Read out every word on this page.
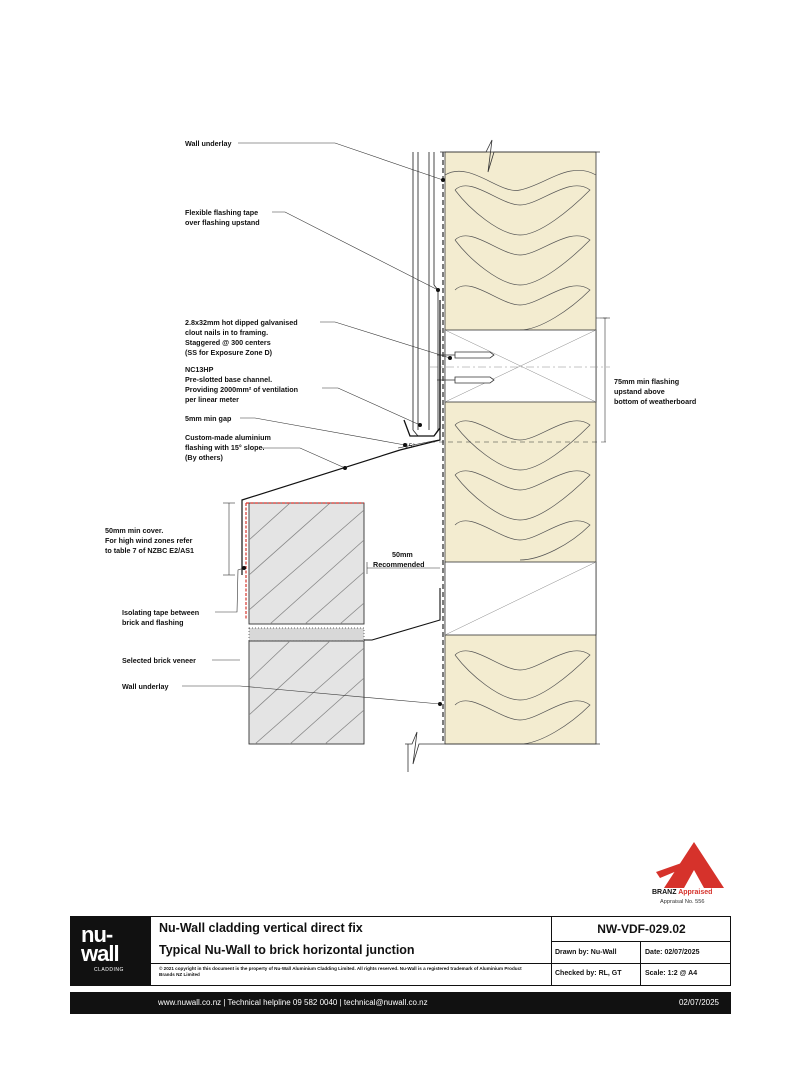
Wall underlay
Flexible flashing tape
over flashing upstand
2.8x32mm hot dipped galvanised
clout nails in to framing.
Staggered @ 300 centers
(SS for Exposure Zone D)
NC13HP
Pre-slotted base channel.
Providing 2000mm² of ventilation
per linear meter
5mm min gap
Custom-made aluminium
flashing with 15° slope.
(By others)
15°
50mm min cover.
For high wind zones refer
to table 7 of NZBC E2/AS1	50mm
Recommended
Isolating tape between
brick and flashing
Selected brick veneer
Wall underlay
75mm min flashing
upstand above
bottom of weatherboard
BRANZ Appraised
Appraisal No. 556
nu-
wall
CLADDING
Nu-Wall cladding vertical direct fix
Typical Nu-Wall to brick horizontal junction
© 2021 copyright in this document is the property of Nu-Wall Aluminium Cladding Limited. All rights reserved. Nu-Wall is a registered trademark of Aluminium Product Brands NZ Limited
NW-VDF-029.02
Drawn by: Nu-Wall	Date: 02/07/2025
Checked by: RL, GT	Scale: 1:2 @ A4
www.nuwall.co.nz | Technical helpline 09 582 0040 | technical@nuwall.co.nz	02/07/2025
